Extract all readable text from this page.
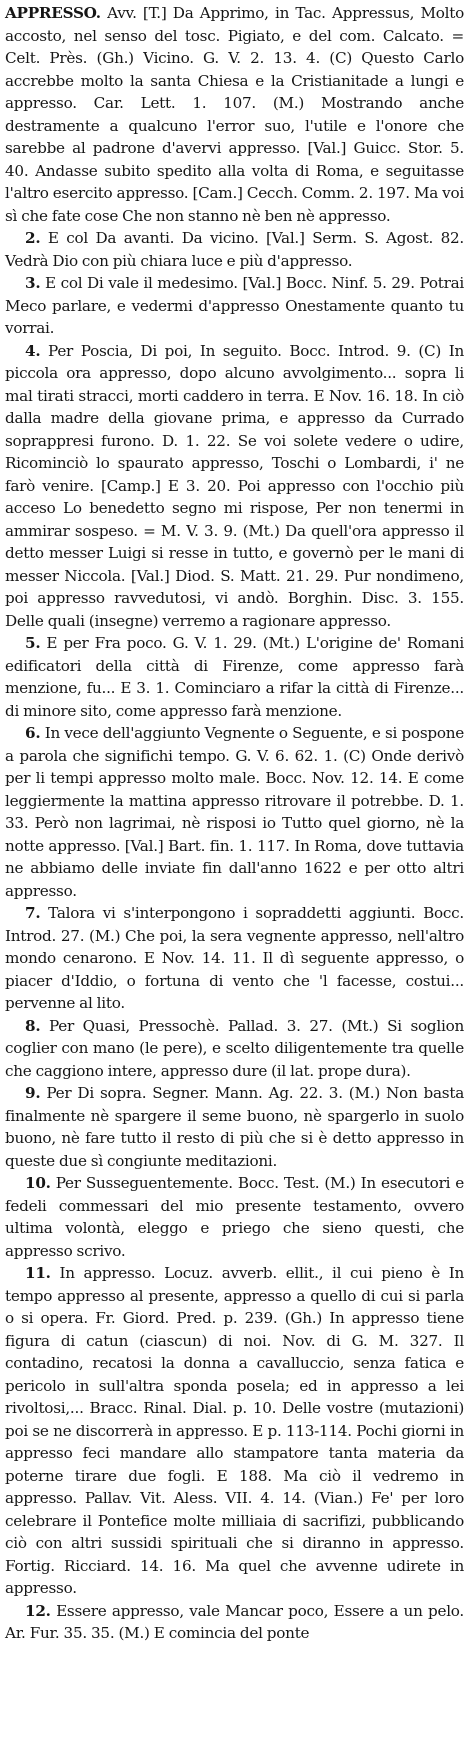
APPRESSO. Avv. [T.] Da Apprimo, in Tac. Appressus, Molto accosto, nel senso del tosc. Pigiato, e del com. Calcato. = Celt. Près. (Gh.) Vicino. G. V. 2. 13. 4. (C) Questo Carlo accrebbe molto la santa Chiesa e la Cristianitade a lungi e appresso. Car. Lett. 1. 107. (M.) Mostrando anche destramente a qualcuno l'error suo, l'utile e l'onore che sarebbe al padrone d'avervi appresso. [Val.] Guicc. Stor. 5. 40. Andasse subito spedito alla volta di Roma, e seguitasse l'altro esercito appresso. [Cam.] Cecch. Comm. 2. 197. Ma voi sì che fate cose Che non stanno nè ben nè appresso.

2. E col Da avanti. Da vicino. [Val.] Serm. S. Agost. 82. Vedrà Dio con più chiara luce e più d'appresso.

3. E col Di vale il medesimo. [Val.] Bocc. Ninf. 5. 29. Potrai Meco parlare, e vedermi d'appresso Onestamente quanto tu vorrai.

4. Per Poscia, Di poi, In seguito. Bocc. Introd. 9. (C) In piccola ora appresso, dopo alcuno avvolgimento... sopra li mal tirati stracci, morti caddero in terra. E Nov. 16. 18. In ciò dalla madre della giovane prima, e appresso da Currado soprappresi furono. D. 1. 22. Se voi solete vedere o udire, Ricominciò lo spaurato appresso, Toschi o Lombardi, i' ne farò venire. [Camp.] E 3. 20. Poi appresso con l'occhio più acceso Lo benedetto segno mi rispose, Per non tenermi in ammirar sospeso. = M. V. 3. 9. (Mt.) Da quell'ora appresso il detto messer Luigi si resse in tutto, e governò per le mani di messer Niccola. [Val.] Diod. S. Matt. 21. 29. Pur nondimeno, poi appresso ravvedutosi, vi andò. Borghin. Disc. 3. 155. Delle quali (insegne) verremo a ragionare appresso.

5. E per Fra poco. G. V. 1. 29. (Mt.) L'origine de' Romani edificatori della città di Firenze, come appresso farà menzione, fu... E 3. 1. Cominciaro a rifar la città di Firenze... di minore sito, come appresso farà menzione.

6. In vece dell'aggiunto Vegnente o Seguente, e si pospone a parola che significhi tempo. G. V. 6. 62. 1. (C) Onde derivò per li tempi appresso molto male. Bocc. Nov. 12. 14. E come leggiermente la mattina appresso ritrovare il potrebbe. D. 1. 33. Però non lagrimai, nè risposi io Tutto quel giorno, nè la notte appresso. [Val.] Bart. fin. 1. 117. In Roma, dove tuttavia ne abbiamo delle inviate fin dall'anno 1622 e per otto altri appresso.

7. Talora vi s'interpongono i sopraddetti aggiunti. Bocc. Introd. 27. (M.) Che poi, la sera vegnente appresso, nell'altro mondo cenarono. E Nov. 14. 11. Il dì seguente appresso, o piacer d'Iddio, o fortuna di vento che 'l facesse, costui... pervenne al lito.

8. Per Quasi, Pressochè. Pallad. 3. 27. (Mt.) Si soglion coglier con mano (le pere), e scelto diligentemente tra quelle che caggiono intere, appresso dure (il lat. prope dura).

9. Per Di sopra. Segner. Mann. Ag. 22. 3. (M.) Non basta finalmente nè spargere il seme buono, nè spargerlo in suolo buono, nè fare tutto il resto di più che si è detto appresso in queste due sì congiunte meditazioni.

10. Per Susseguentemente. Bocc. Test. (M.) In esecutori e fedeli commessari del mio presente testamento, ovvero ultima volontà, eleggo e priego che sieno questi, che appresso scrivo.

11. In appresso. Locuz. avverb. ellit., il cui pieno è In tempo appresso al presente, appresso a quello di cui si parla o si opera. Fr. Giord. Pred. p. 239. (Gh.) In appresso tiene figura di catun (ciascun) di noi. Nov. di G. M. 327. Il contadino, recatosi la donna a cavalluccio, senza fatica e pericolo in sull'altra sponda posela; ed in appresso a lei rivoltosi,... Bracc. Rinal. Dial. p. 10. Delle vostre (mutazioni) poi se ne discorrerà in appresso. E p. 113-114. Pochi giorni in appresso feci mandare allo stampatore tanta materia da poterne tirare due fogli. E 188. Ma ciò il vedremo in appresso. Pallav. Vit. Aless. VII. 4. 14. (Vian.) Fe' per loro celebrare il Pontefice molte milliaia di sacrifizi, pubblicando ciò con altri sussidi spirituali che si diranno in appresso. Fortig. Ricciard. 14. 16. Ma quel che avvenne udirete in appresso.

12. Essere appresso, vale Mancar poco, Essere a un pelo. Ar. Fur. 35. 35. (M.) E comincia del ponte
